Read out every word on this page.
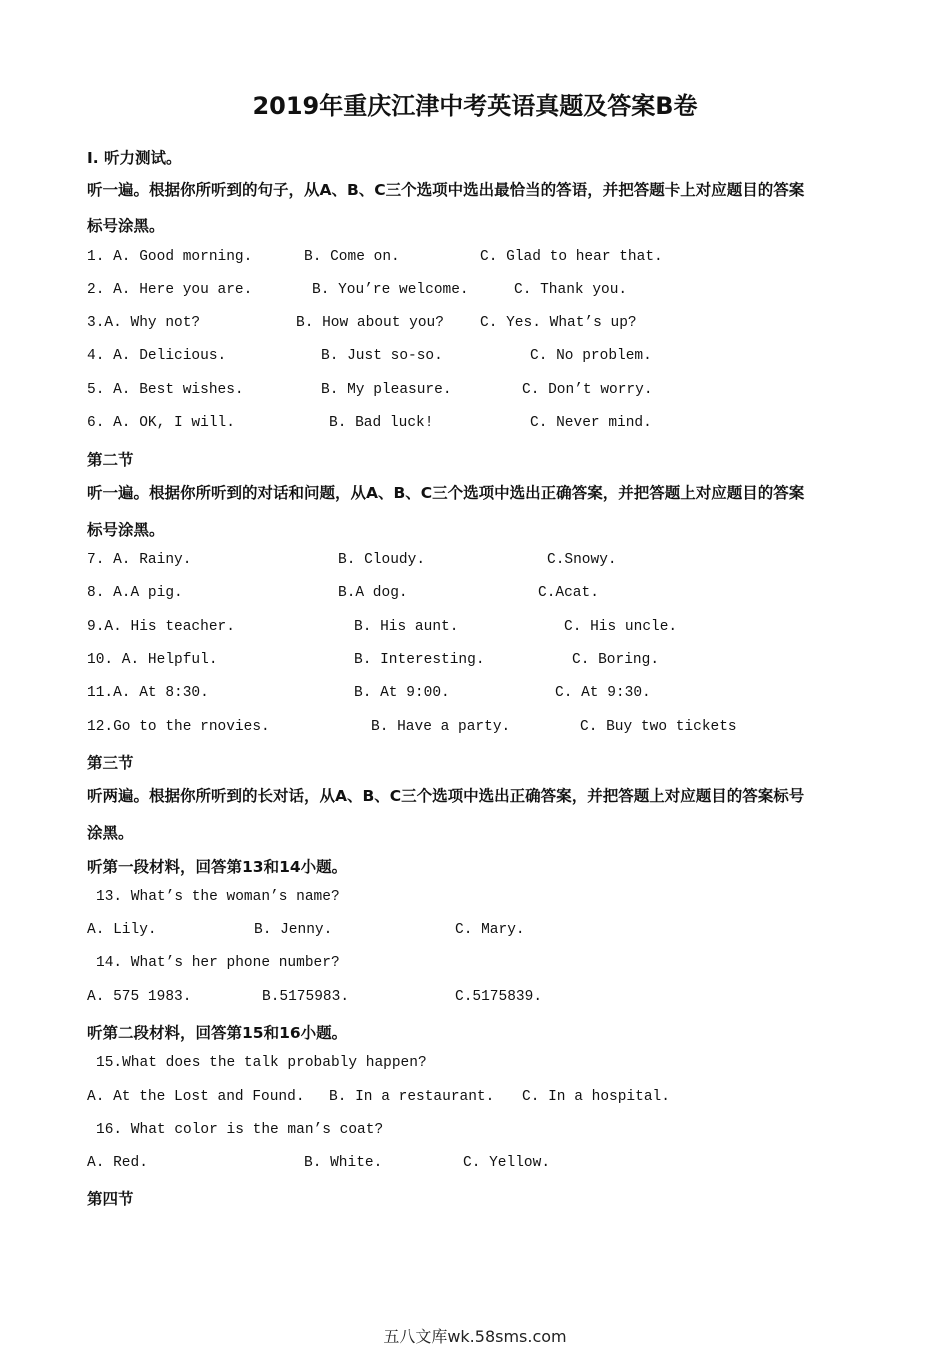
2019年重庆江津中考英语真题及答案B卷
I. 听力测试。
听一遍。根据你所听到的句子，从A、B、C三个选项中选出最恰当的答语，并把答题卡上对应题目的答案
标号涂黑。
1. A. Good morning.	B. Come on.	C. Glad to hear that.
2. A. Here you are.	B. You’re welcome.	C. Thank you.
3.A. Why not?	B. How about you? C. Yes. What’s up?
4. A. Delicious.	B. Just so-so.	C. No problem.
5. A. Best wishes.	B. My pleasure.	C. Don’t worry.
6. A. OK, I will.	B. Bad luck!	C. Never mind.
第二节
听一遍。根据你所听到的对话和问题，从A、B、C三个选项中选出正确答案，并把答题上对应题目的答案
标号涂黑。
7. A. Rainy.	B. Cloudy.	C.Snowy.
8. A.A pig.	B.A dog.	C.Acat.
9.A. His teacher.	B. His aunt.	C. His uncle.
10. A. Helpful.	B. Interesting.	C. Boring.
11.A. At 8:30.	B. At 9:00.	C. At 9:30.
12.Go to the rnovies.	B. Have a party.	C. Buy two tickets
第三节
听两遍。根据你所听到的长对话，从A、B、C三个选项中选出正确答案，并把答题上对应题目的答案标号
涂黑。
听第一段材料，回答第13和14小题。
13. What’s the woman’s name?
A. Lily.	B. Jenny.	C. Mary.
14. What’s her phone number?
A. 575 1983.	B.5175983.	C.5175839.
听第二段材料，回答第15和16小题。
15.What does the talk probably happen?
A. At the Lost and Found. B. In a restaurant. C. In a hospital.
16. What color is the man’s coat?
A. Red.	B. White.	C. Yellow.
第四节
五八文库wk.58sms.com
